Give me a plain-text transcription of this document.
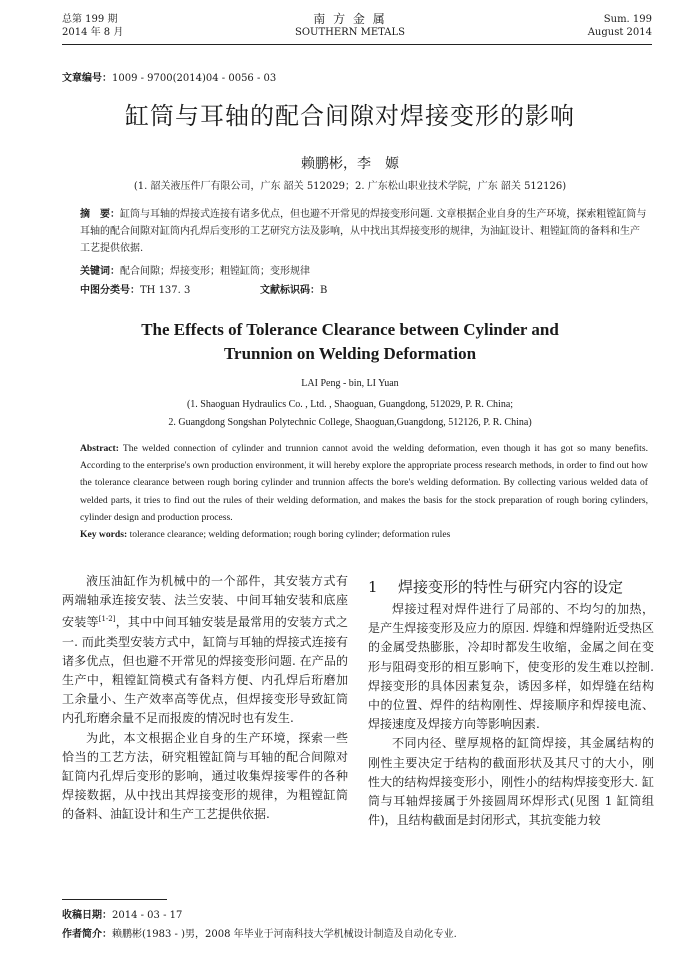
总第 199 期
2014 年 8 月
南 方 金 属
SOUTHERN METALS
Sum. 199
August 2014
文章编号：1009 - 9700(2014)04 - 0056 - 03
缸筒与耳轴的配合间隙对焊接变形的影响
赖鹏彬，李　嫄
(1. 韶关液压件厂有限公司，广东 韶关 512029；2. 广东松山职业技术学院，广东 韶关 512126)
摘　要：缸筒与耳轴的焊接式连接有诸多优点，但也避不开常见的焊接变形问题. 文章根据企业自身的生产环境，探索粗镗缸筒与耳轴的配合间隙对缸筒内孔焊后变形的工艺研究方法及影响，从中找出其焊接变形的规律，为油缸设计、粗镗缸筒的备料和生产工艺提供依据.
关键词：配合间隙；焊接变形；粗镗缸筒；变形规律
中图分类号：TH 137. 3	文献标识码：B
The Effects of Tolerance Clearance between Cylinder and Trunnion on Welding Deformation
LAI Peng - bin, LI Yuan
(1. Shaoguan Hydraulics Co. , Ltd. , Shaoguan, Guangdong, 512029, P. R. China;
2. Guangdong Songshan Polytechnic College, Shaoguan,Guangdong, 512126, P. R. China)
Abstract: The welded connection of cylinder and trunnion cannot avoid the welding deformation, even though it has got so many benefits. According to the enterprise's own production environment, it will hereby explore the appropriate process research methods, in order to find out how the tolerance clearance between rough boring cylinder and trunnion affects the bore's welding deformation. By collecting various welded data of welded parts, it tries to find out the rules of their welding deformation, and makes the basis for the stock preparation of rough boring cylinders, cylinder design and production process.
Key words: tolerance clearance; welding deformation; rough boring cylinder; deformation rules

液压油缸作为机械中的一个部件，其安装方式有两端轴承连接安装、法兰安装、中间耳轴安装和底座安装等[1-2]，其中中间耳轴安装是最常用的安装方式之一. 而此类型安装方式中，缸筒与耳轴的焊接式连接有诸多优点，但也避不开常见的焊接变形问题. 在产品的生产中，粗镗缸筒模式有备料方便、内孔焊后珩磨加工余量小、生产效率高等优点，但焊接变形导致缸筒内孔珩磨余量不足而报废的情况时也有发生.

为此，本文根据企业自身的生产环境，探索一些恰当的工艺方法，研究粗镗缸筒与耳轴的配合间隙对缸筒内孔焊后变形的影响，通过收集焊接零件的各种焊接数据，从中找出其焊接变形的规律，为粗镗缸筒的备料、油缸设计和生产工艺提供依据.

1 焊接变形的特性与研究内容的设定

焊接过程对焊件进行了局部的、不均匀的加热，是产生焊接变形及应力的原因. 焊缝和焊缝附近受热区的金属受热膨胀，冷却时都发生收缩，金属之间在变形与阻碍变形的相互影响下，使变形的发生难以控制. 焊接变形的具体因素复杂，诱因多样，如焊缝在结构中的位置、焊件的结构刚性、焊接顺序和焊接电流、焊接速度及焊接方向等影响因素.

不同内径、壁厚规格的缸筒焊接，其金属结构的刚性主要决定于结构的截面形状及其尺寸的大小，刚性大的结构焊接变形小，刚性小的结构焊接变形大. 缸筒与耳轴焊接属于外接圆周环焊形式(见图 1 缸筒组件)，且结构截面是封闭形式，其抗变能力较

收稿日期：2014 - 03 - 17
作者简介：赖鹏彬(1983 - )男，2008 年毕业于河南科技大学机械设计制造及自动化专业.
